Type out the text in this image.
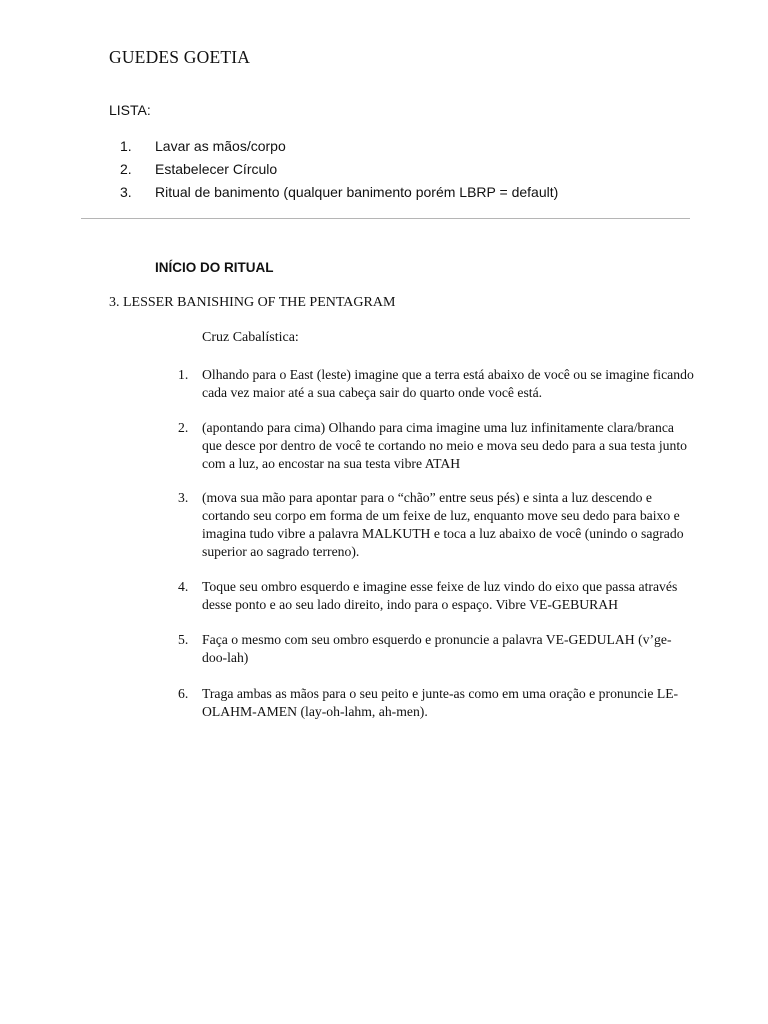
GUEDES GOETIA
LISTA:
1. Lavar as mãos/corpo
2. Estabelecer Círculo
3. Ritual de banimento (qualquer banimento porém LBRP = default)
INÍCIO DO RITUAL
3. LESSER BANISHING OF THE PENTAGRAM
Cruz Cabalística:
1. Olhando para o East (leste) imagine que a terra está abaixo de você ou se imagine ficando cada vez maior até a sua cabeça sair do quarto onde você está.
2. (apontando para cima) Olhando para cima imagine uma luz infinitamente clara/branca que desce por dentro de você te cortando no meio e mova seu dedo para a sua testa junto com a luz, ao encostar na sua testa vibre ATAH
3. (mova sua mão para apontar para o “chão” entre seus pés) e sinta a luz descendo e cortando seu corpo em forma de um feixe de luz, enquanto move seu dedo para baixo e imagina tudo vibre a palavra MALKUTH e toca a luz abaixo de você (unindo o sagrado superior ao sagrado terreno).
4. Toque seu ombro esquerdo e imagine esse feixe de luz vindo do eixo que passa através desse ponto e ao seu lado direito, indo para o espaço. Vibre VE-GEBURAH
5. Faça o mesmo com seu ombro esquerdo e pronuncie a palavra VE-GEDULAH (v’ge-doo-lah)
6. Traga ambas as mãos para o seu peito e junte-as como em uma oração e pronuncie LE-OLAHM-AMEN (lay-oh-lahm, ah-men).
